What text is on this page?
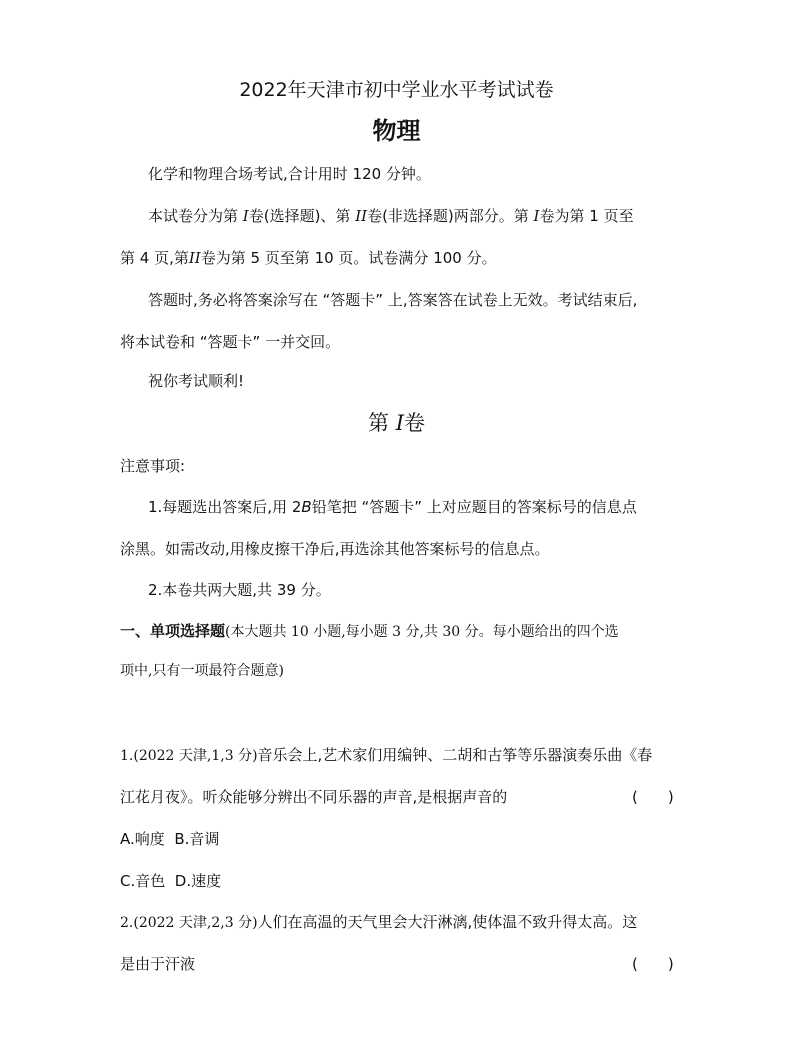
2022年天津市初中学业水平考试试卷
物理
化学和物理合场考试,合计用时 120 分钟。
本试卷分为第 I卷(选择题)、第 II卷(非选择题)两部分。第 I卷为第 1 页至
第 4 页,第II卷为第 5 页至第 10 页。试卷满分 100 分。
答题时,务必将答案涂写在 “答题卡” 上,答案答在试卷上无效。考试结束后,
将本试卷和 “答题卡” 一并交回。
祝你考试顺利!
第 I卷
注意事项:
1.每题选出答案后,用 2B铅笔把 “答题卡” 上对应题目的答案标号的信息点
涂黑。如需改动,用橡皮擦干净后,再选涂其他答案标号的信息点。
2.本卷共两大题,共 39 分。
一、单项选择题(本大题共 10 小题,每小题 3 分,共 30 分。每小题给出的四个选
项中,只有一项最符合题意)
1.(2022 天津,1,3 分)音乐会上,艺术家们用编钟、二胡和古筝等乐器演奏乐曲《春
江花月夜》。听众能够分辨出不同乐器的声音,是根据声音的	(　　)
A.响度 B.音调
C.音色 D.速度
2.(2022 天津,2,3 分)人们在高温的天气里会大汗淋漓,使体温不致升得太高。这
是由于汗液	(　　)
